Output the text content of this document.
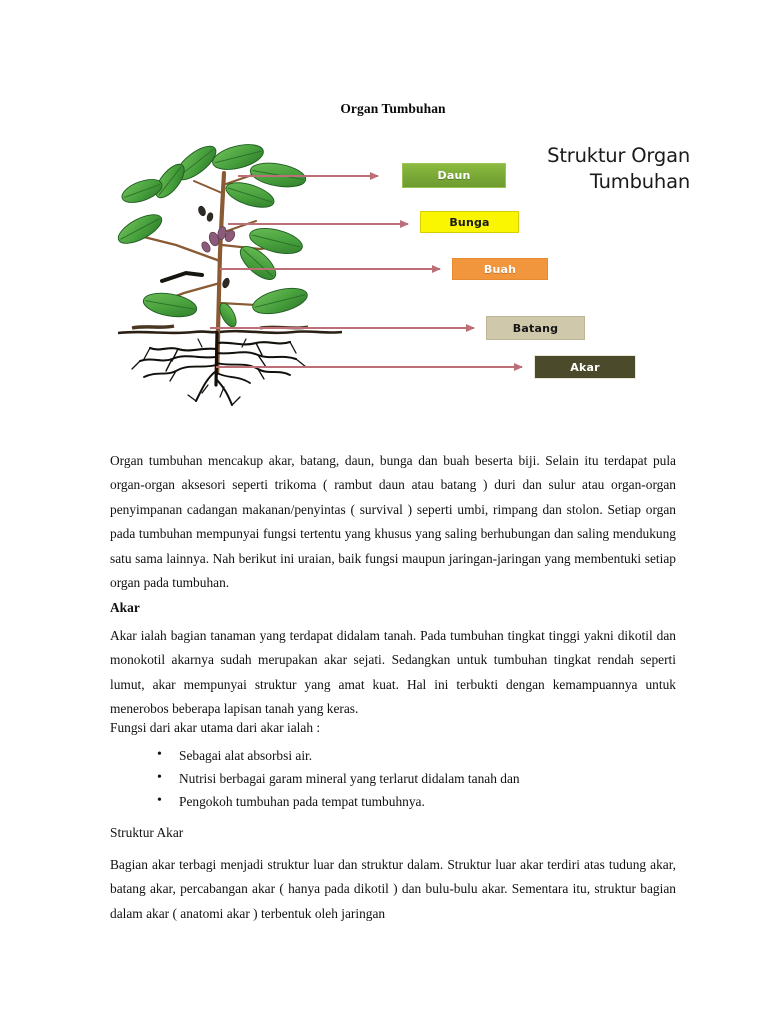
Organ Tumbuhan
Struktur Organ
Tumbuhan
Daun
Bunga
Buah
Batang
Akar

Organ tumbuhan mencakup akar, batang, daun, bunga dan buah beserta biji. Selain itu terdapat pula organ-organ aksesori seperti trikoma ( rambut daun atau batang ) duri dan sulur atau organ-organ penyimpanan cadangan makanan/penyintas ( survival ) seperti umbi, rimpang dan stolon. Setiap organ pada tumbuhan mempunyai fungsi tertentu yang khusus yang saling berhubungan dan saling mendukung satu sama lainnya. Nah berikut ini uraian, baik fungsi maupun jaringan-jaringan yang membentuki setiap organ pada tumbuhan.

Akar

Akar ialah bagian tanaman yang terdapat didalam tanah. Pada tumbuhan tingkat tinggi yakni dikotil dan monokotil akarnya sudah merupakan akar sejati. Sedangkan untuk tumbuhan tingkat rendah seperti lumut, akar mempunyai struktur yang amat kuat. Hal ini terbukti dengan kemampuannya untuk menerobos beberapa lapisan tanah yang keras.

Fungsi dari akar utama dari akar ialah :
• Sebagai alat absorbsi air.
• Nutrisi berbagai garam mineral yang terlarut didalam tanah dan
• Pengokoh tumbuhan pada tempat tumbuhnya.
Struktur Akar

Bagian akar terbagi menjadi struktur luar dan struktur dalam. Struktur luar akar terdiri atas tudung akar, batang akar, percabangan akar ( hanya pada dikotil ) dan bulu-bulu akar. Sementara itu, struktur bagian dalam akar ( anatomi akar ) terbentuk oleh jaringan
